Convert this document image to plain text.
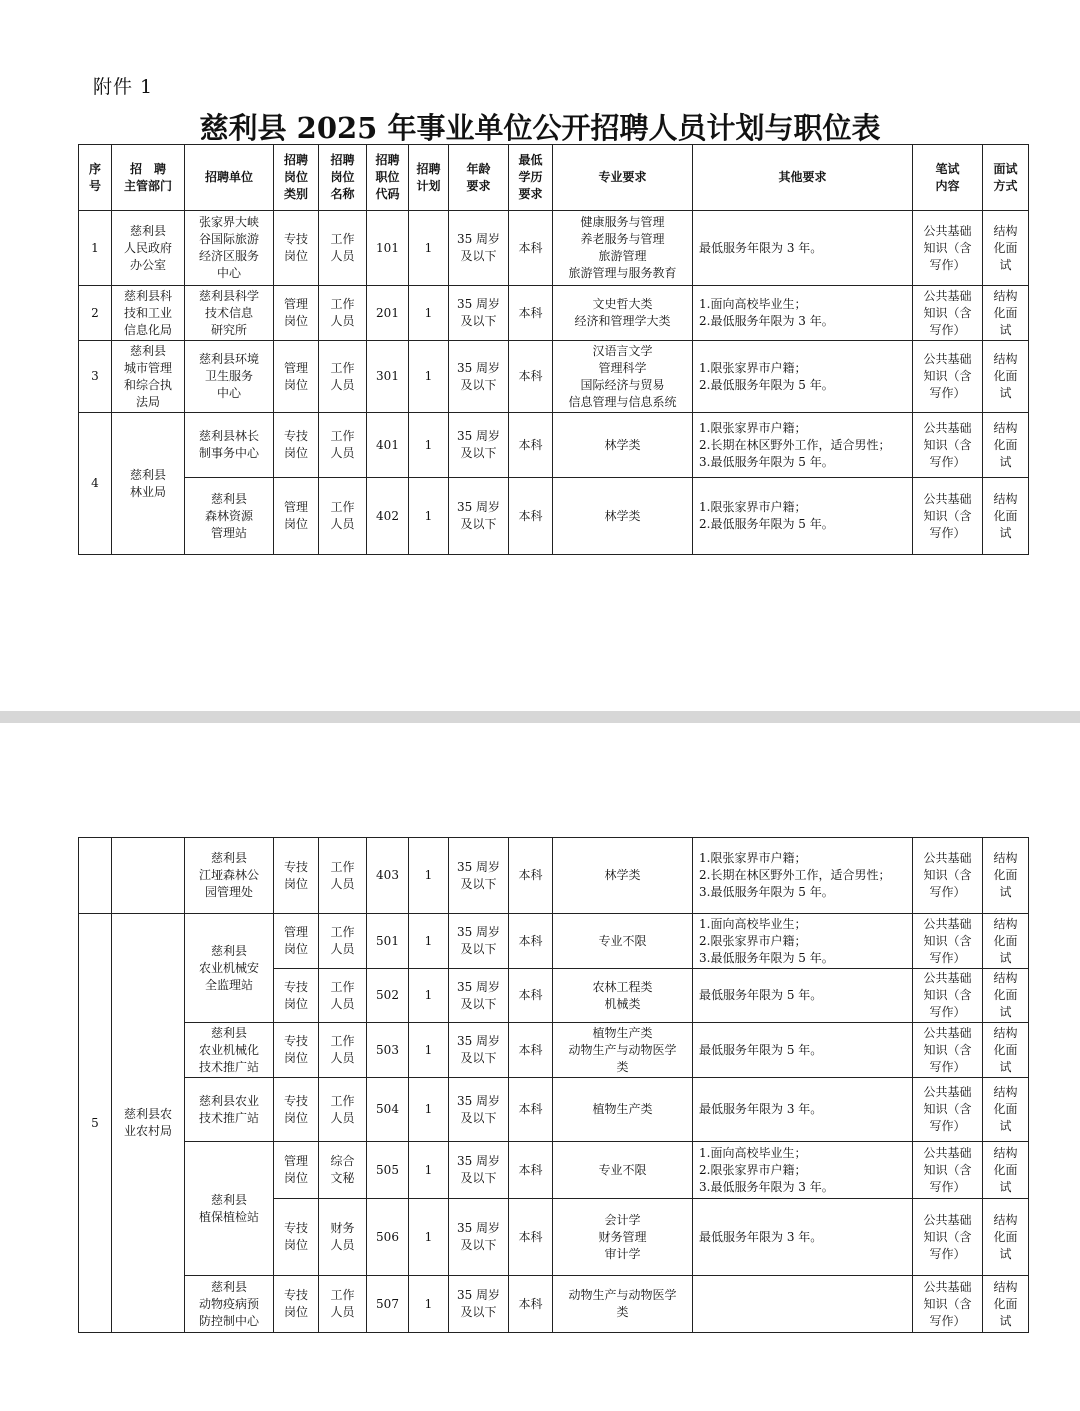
附件 1
慈利县 2025 年事业单位公开招聘人员计划与职位表
序
号	招　聘
主管部门	招聘单位	招聘
岗位
类别	招聘
岗位
名称	招聘
职位
代码	招聘
计划	年龄
要求	最低
学历
要求	专业要求	其他要求	笔试
内容	面试
方式

1	慈利县
人民政府
办公室	张家界大峡
谷国际旅游
经济区服务
中心	专技
岗位	工作
人员	101	1	35 周岁
及以下	本科	健康服务与管理
养老服务与管理
旅游管理
旅游管理与服务教育	最低服务年限为 3 年。	公共基础
知识（含
写作）	结构
化面
试

2	慈利县科
技和工业
信息化局	慈利县科学
技术信息
研究所	管理
岗位	工作
人员	201	1	35 周岁
及以下	本科	文史哲大类
经济和管理学大类	1.面向高校毕业生；
2.最低服务年限为 3 年。	公共基础
知识（含
写作）	结构
化面
试

3	慈利县
城市管理
和综合执
法局	慈利县环境
卫生服务
中心	管理
岗位	工作
人员	301	1	35 周岁
及以下	本科	汉语言文学
管理科学
国际经济与贸易
信息管理与信息系统	1.限张家界市户籍；
2.最低服务年限为 5 年。	公共基础
知识（含
写作）	结构
化面
试

4	慈利县
林业局	慈利县林长
制事务中心	专技
岗位	工作
人员	401	1	35 周岁
及以下	本科	林学类	1.限张家界市户籍；
2.长期在林区野外工作，适合男性；
3.最低服务年限为 5 年。	公共基础
知识（含
写作）	结构
化面
试

		慈利县
森林资源
管理站	管理
岗位	工作
人员	402	1	35 周岁
及以下	本科	林学类	1.限张家界市户籍；
2.最低服务年限为 5 年。	公共基础
知识（含
写作）	结构
化面
试

		慈利县
江垭森林公
园管理处	专技
岗位	工作
人员	403	1	35 周岁
及以下	本科	林学类	1.限张家界市户籍；
2.长期在林区野外工作，适合男性；
3.最低服务年限为 5 年。	公共基础
知识（含
写作）	结构
化面
试

5	慈利县农
业农村局	慈利县
农业机械安
全监理站	管理
岗位	工作
人员	501	1	35 周岁
及以下	本科	专业不限	1.面向高校毕业生；
2.限张家界市户籍；
3.最低服务年限为 5 年。	公共基础
知识（含
写作）	结构
化面
试

			专技
岗位	工作
人员	502	1	35 周岁
及以下	本科	农林工程类
机械类	最低服务年限为 5 年。	公共基础
知识（含
写作）	结构
化面
试

		慈利县
农业机械化
技术推广站	专技
岗位	工作
人员	503	1	35 周岁
及以下	本科	植物生产类
动物生产与动物医学
类	最低服务年限为 5 年。	公共基础
知识（含
写作）	结构
化面
试

		慈利县农业
技术推广站	专技
岗位	工作
人员	504	1	35 周岁
及以下	本科	植物生产类	最低服务年限为 3 年。	公共基础
知识（含
写作）	结构
化面
试

		慈利县
植保植检站	管理
岗位	综合
文秘	505	1	35 周岁
及以下	本科	专业不限	1.面向高校毕业生；
2.限张家界市户籍；
3.最低服务年限为 3 年。	公共基础
知识（含
写作）	结构
化面
试

			专技
岗位	财务
人员	506	1	35 周岁
及以下	本科	会计学
财务管理
审计学	最低服务年限为 3 年。	公共基础
知识（含
写作）	结构
化面
试

		慈利县
动物疫病预
防控制中心	专技
岗位	工作
人员	507	1	35 周岁
及以下	本科	动物生产与动物医学
类		公共基础
知识（含
写作）	结构
化面
试
